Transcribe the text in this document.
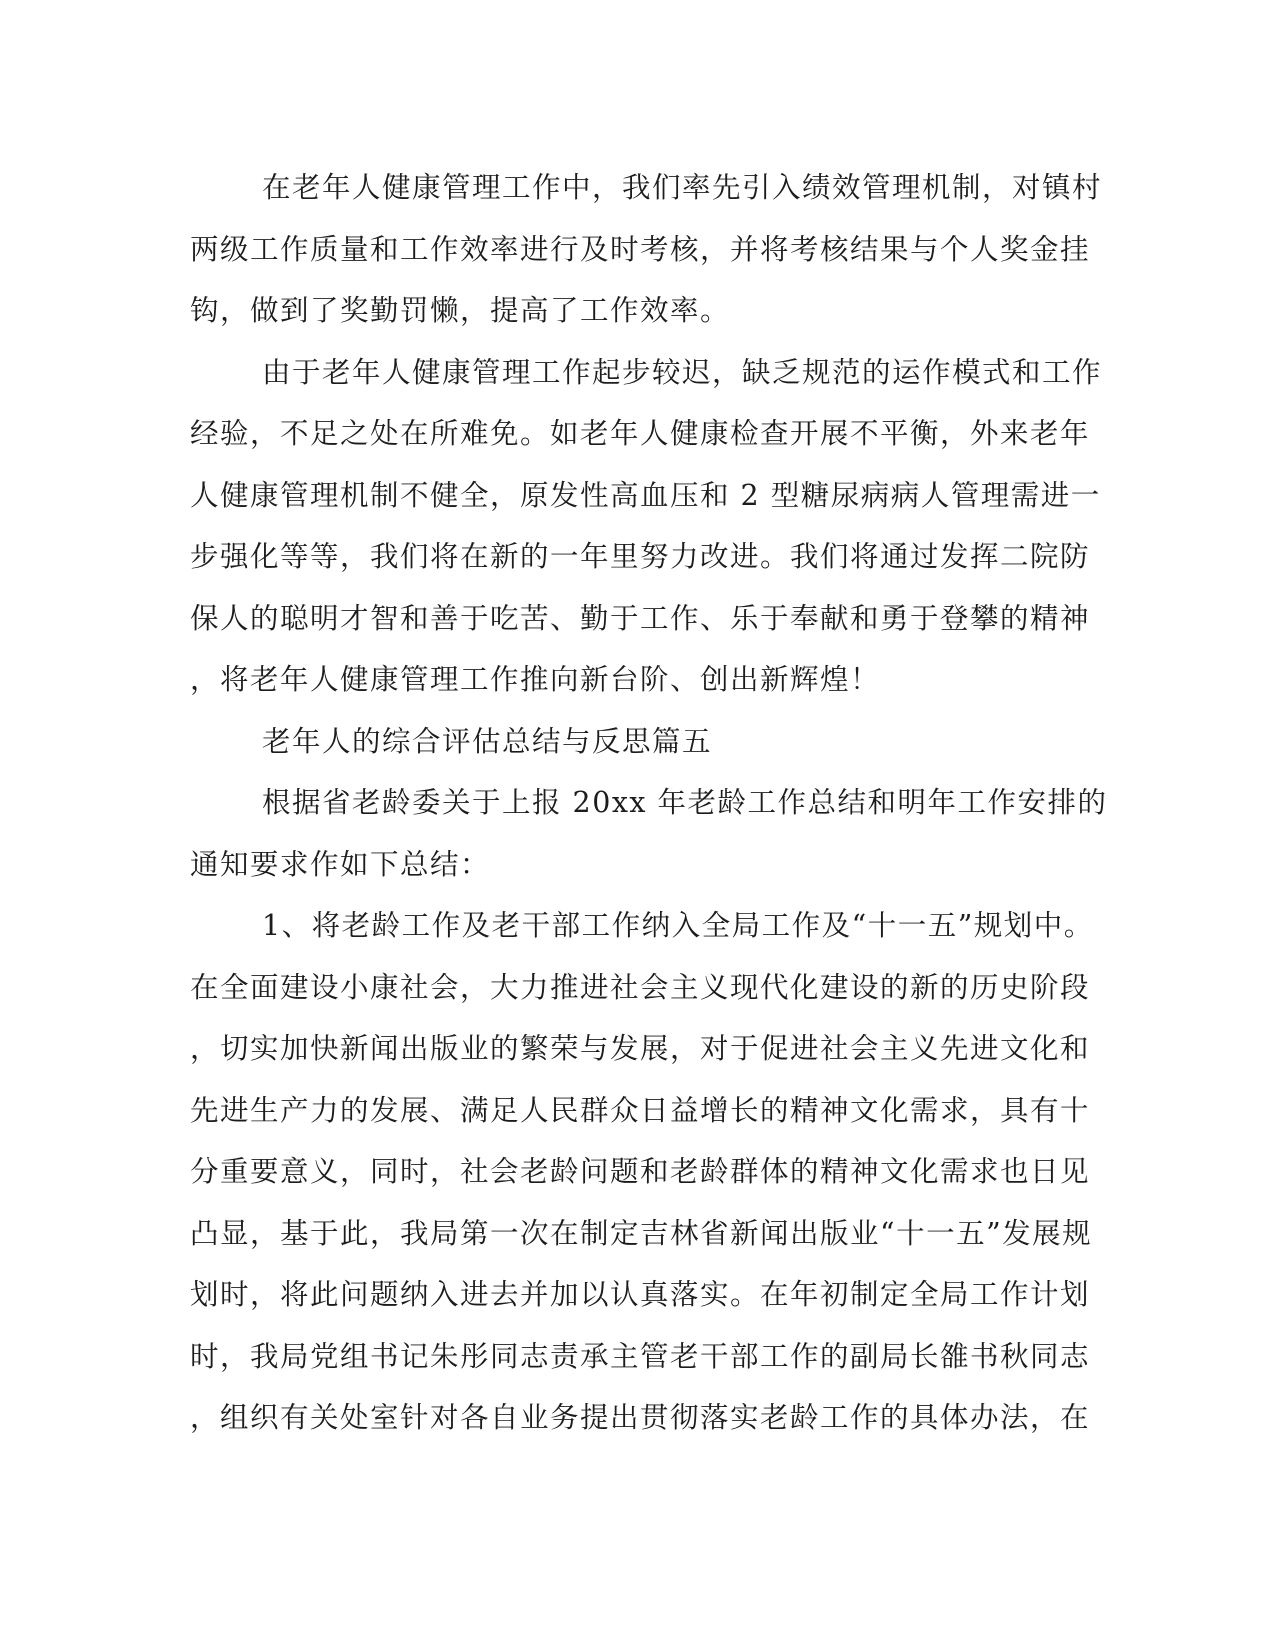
在老年人健康管理工作中，我们率先引入绩效管理机制，对镇村
两级工作质量和工作效率进行及时考核，并将考核结果与个人奖金挂
钩，做到了奖勤罚懒，提高了工作效率。
由于老年人健康管理工作起步较迟，缺乏规范的运作模式和工作
经验，不足之处在所难免。如老年人健康检查开展不平衡，外来老年
人健康管理机制不健全，原发性高血压和 2 型糖尿病病人管理需进一
步强化等等，我们将在新的一年里努力改进。我们将通过发挥二院防
保人的聪明才智和善于吃苦、勤于工作、乐于奉献和勇于登攀的精神
，将老年人健康管理工作推向新台阶、创出新辉煌！
老年人的综合评估总结与反思篇五
根据省老龄委关于上报 20xx 年老龄工作总结和明年工作安排的
通知要求作如下总结：
1、将老龄工作及老干部工作纳入全局工作及“十一五”规划中。
在全面建设小康社会，大力推进社会主义现代化建设的新的历史阶段
，切实加快新闻出版业的繁荣与发展，对于促进社会主义先进文化和
先进生产力的发展、满足人民群众日益增长的精神文化需求，具有十
分重要意义，同时，社会老龄问题和老龄群体的精神文化需求也日见
凸显，基于此，我局第一次在制定吉林省新闻出版业“十一五”发展规
划时，将此问题纳入进去并加以认真落实。在年初制定全局工作计划
时，我局党组书记朱彤同志责承主管老干部工作的副局长雒书秋同志
，组织有关处室针对各自业务提出贯彻落实老龄工作的具体办法，在
